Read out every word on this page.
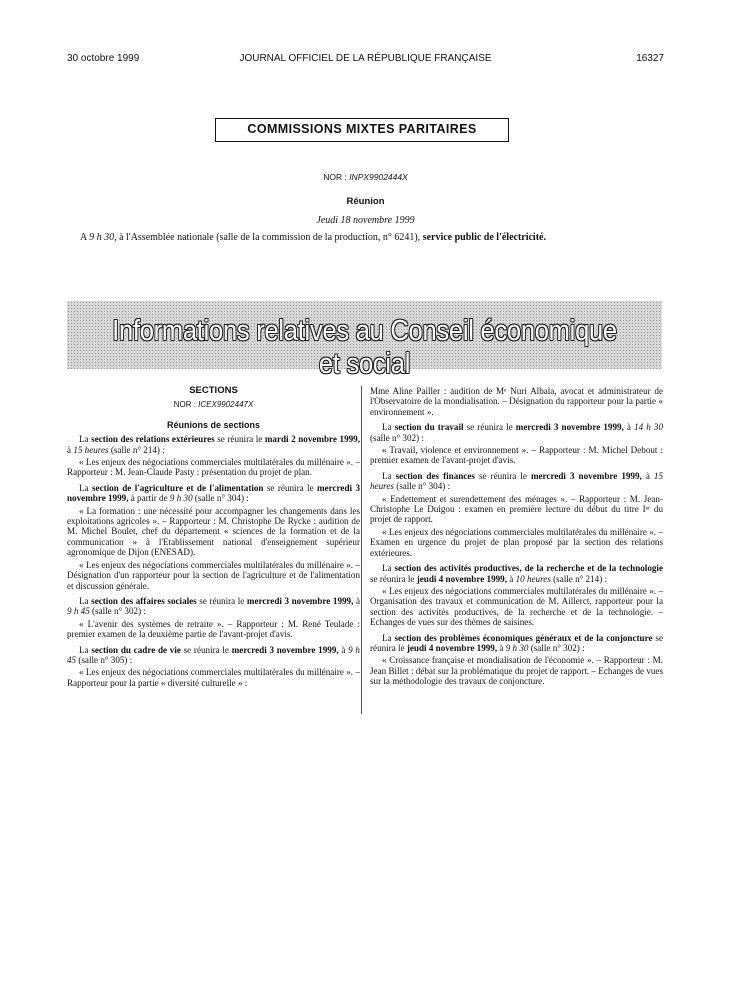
30 octobre 1999	JOURNAL OFFICIEL DE LA RÉPUBLIQUE FRANÇAISE	16327
COMMISSIONS MIXTES PARITAIRES
NOR : INPX9902444X
Réunion
Jeudi 18 novembre 1999
A 9 h 30, à l'Assemblée nationale (salle de la commission de la production, n° 6241), service public de l'électricité.
Informations relatives au Conseil économique et social
SECTIONS
NOR : ICEX9902447X
Réunions de sections

La section des relations extérieures se réunira le mardi 2 novembre 1999, à 15 heures (salle n° 214) :

« Les enjeux des négociations commerciales multilatérales du millénaire ». – Rapporteur : M. Jean-Claude Pasty : présentation du projet de plan.

La section de l'agriculture et de l'alimentation se réunira le mercredi 3 novembre 1999, à partir de 9 h 30 (salle n° 304) :

« La formation : une nécessité pour accompagner les changements dans les exploitations agricoles ». – Rapporteur : M. Christophe De Rycke : audition de M. Michel Boulet, chef du département « sciences de la formation et de la communication » à l'Etablissement national d'enseignement supérieur agronomique de Dijon (ENESAD).

« Les enjeux des négociations commerciales multilatérales du millénaire ». – Désignation d'un rapporteur pour la section de l'agriculture et de l'alimentation et discussion générale.

La section des affaires sociales se réunira le mercredi 3 novembre 1999, à 9 h 45 (salle n° 302) :

« L'avenir des systèmes de retraite ». – Rapporteur : M. René Teulade : premier examen de la deuxième partie de l'avant-projet d'avis.

La section du cadre de vie se réunira le mercredi 3 novembre 1999, à 9 h 45 (salle n° 305) :

« Les enjeux des négociations commerciales multilatérales du millénaire ». – Rapporteur pour la partie « diversité culturelle » :

Mme Aline Pailler : audition de Mᵉ Nuri Albala, avocat et administrateur de l'Observatoire de la mondialisation. – Désignation du rapporteur pour la partie « environnement ».

La section du travail se réunira le mercredi 3 novembre 1999, à 14 h 30 (salle n° 302) :

« Travail, violence et environnement ». – Rapporteur : M. Michel Debout : premier examen de l'avant-projet d'avis.

La section des finances se réunira le mercredi 3 novembre 1999, à 15 heures (salle n° 304) :

« Endettement et surendettement des ménages ». – Rapporteur : M. Jean-Christophe Le Duigou : examen en première lecture du début du titre Iᵉʳ du projet de rapport.

« Les enjeux des négociations commerciales multilatérales du millénaire ». – Examen en urgence du projet de plan proposé par la section des relations extérieures.

La section des activités productives, de la recherche et de la technologie se réunira le jeudi 4 novembre 1999, à 10 heures (salle n° 214) :

« Les enjeux des négociations commerciales multilatérales du millénaire ». – Organisation des travaux et communication de M. Aillerct, rapporteur pour la section des activités productives, de la recherche et de la technologie. – Echanges de vues sur des thèmes de saisines.

La section des problèmes économiques généraux et de la conjoncture se réunira le jeudi 4 novembre 1999, à 9 h 30 (salle n° 302) :

« Croissance française et mondialisation de l'économie ». – Rapporteur : M. Jean Billet : débat sur la problématique du projet de rapport. – Echanges de vues sur la méthodologie des travaux de conjoncture.
